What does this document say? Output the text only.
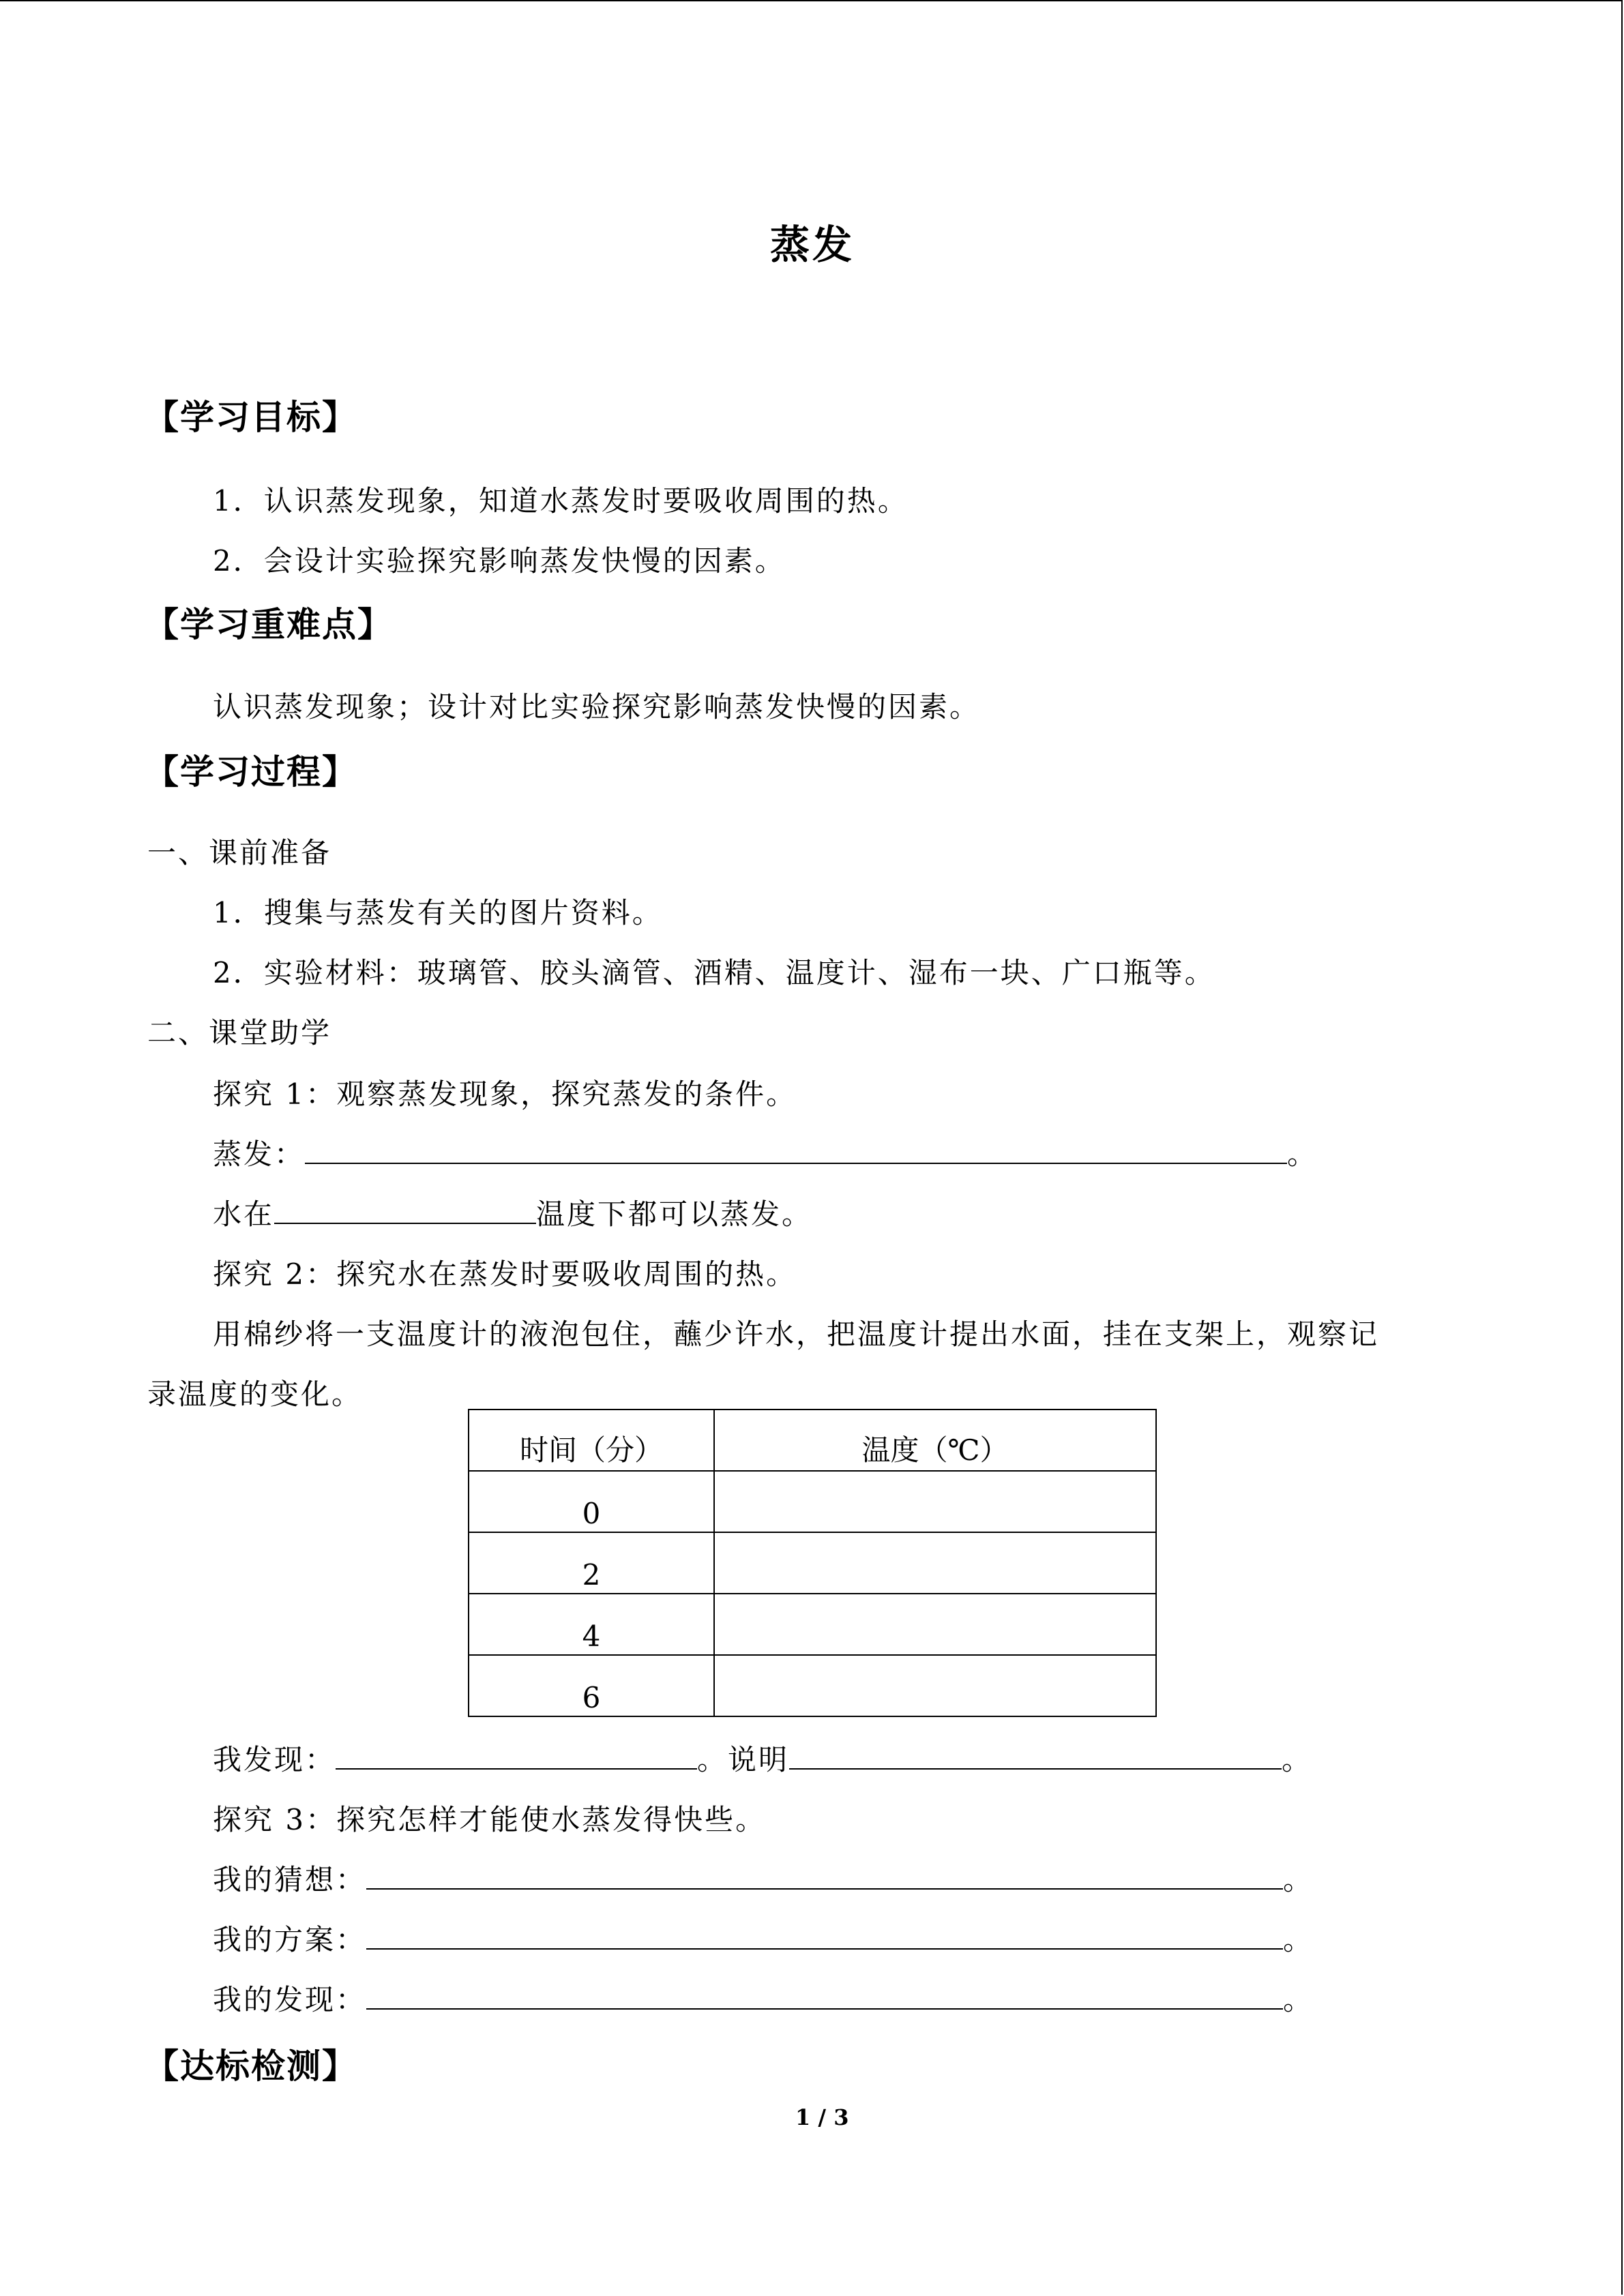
蒸发
【学习目标】
1．认识蒸发现象，知道水蒸发时要吸收周围的热。
2．会设计实验探究影响蒸发快慢的因素。
【学习重难点】
认识蒸发现象；设计对比实验探究影响蒸发快慢的因素。
【学习过程】
一、课前准备
1．搜集与蒸发有关的图片资料。
2．实验材料：玻璃管、胶头滴管、酒精、温度计、湿布一块、广口瓶等。
二、课堂助学
探究 1：观察蒸发现象，探究蒸发的条件。
蒸发：	。
水在	温度下都可以蒸发。
探究 2：探究水在蒸发时要吸收周围的热。
用棉纱将一支温度计的液泡包住，蘸少许水，把温度计提出水面，挂在支架上，观察记
录温度的变化。
时间（分）	温度（℃）
0	
2	
4	
6	
我发现：	。说明	。
探究 3：探究怎样才能使水蒸发得快些。
我的猜想：	。
我的方案：	。
我的发现：	。
【达标检测】
1 / 3
